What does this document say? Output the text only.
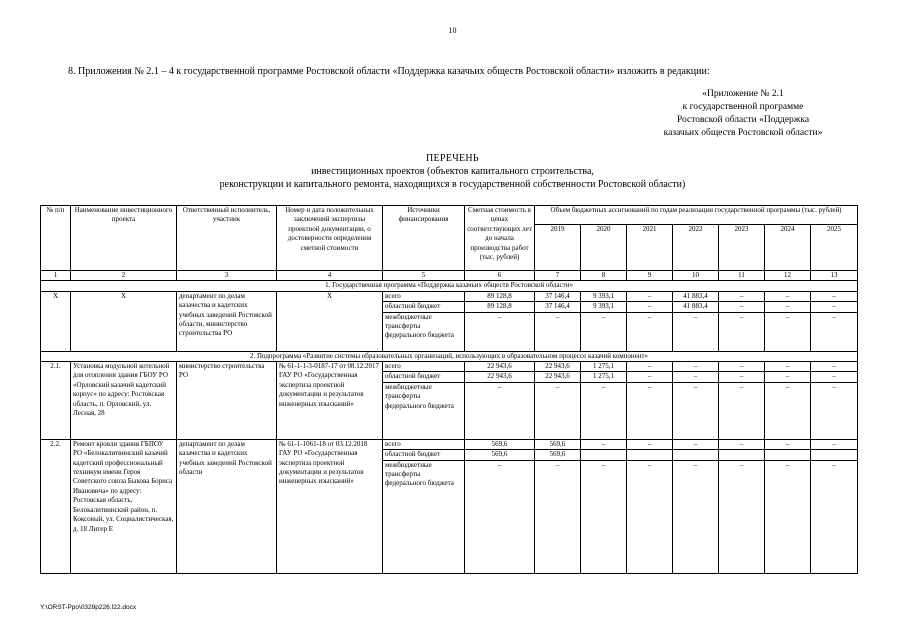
10
8. Приложения № 2.1 – 4 к государственной программе Ростовской области «Поддержка казачьих обществ Ростовской области» изложить в редакции:
«Приложение № 2.1
к государственной программе
Ростовской области «Поддержка
казачьих обществ Ростовской области»
ПЕРЕЧЕНЬ
инвестиционных проектов (объектов капитального строительства,
реконструкции и капитального ремонта, находящихся в государственной собственности Ростовской области)
№ п/п	Наименование инвестиционного проекта	Ответственный исполнитель, участник	Номер и дата положительных заключений экспертизы проектной документации, о достоверности определения сметной стоимости	Источники финансирования	Сметная стоимость в ценах соответствующих лет до начала производства работ (тыс. рублей)	Объем бюджетных ассигнований по годам реализации государственной программы (тыс. рублей)						
						2019	2020	2021	2022	2023	2024	2025
1	2	3	4	5	6	7	8	9	10	11	12	13
1. Государственная программа «Поддержка казачьих обществ Ростовской области»												
Х	Х	департамент по делам казачества и кадетских учебных заведений Ростовской области, министерство строительства РО	Х	всего	89 128,8	37 146,4	9 393,1	–	41 883,4	–	–	–
				областной бюджет	89 128,8	37 146,4	9 393,1	–	41 883,4	–	–	–
				межбюджетные трансферты федерального бюджета	–	–	–	–	–	–	–	–
2. Подпрограмма «Развитие системы образовательных организаций, использующих в образовательном процессе казачий компонент»												
2.1.	Установка модульной котельной для отопления здания ГБОУ РО «Орловский казачий кадетский корпус» по адресу: Ростовская область, п. Орловский, ул. Лесная, 28	министерство строительства РО	№ 61-1-1-3-0187-17 от 08.12.2017 ГАУ РО «Государственная экспертиза проектной документации и результатов инженерных изысканий»	всего	22 943,6	22 943,6	1 275,1	–	–	–	–	–
				областной бюджет	22 943,6	22 943,6	1 275,1	–	–	–	–	–
				межбюджетные трансферты федерального бюджета	–	–	–	–	–	–	–	–
2.2.	Ремонт кровли здания ГБПОУ РО «Белокалитвинский казачий кадетский профессиональный техникум имени Героя Советского союза Быкова Бориса Ивановича» по адресу: Ростовская область, Белокалитвинский район, п. Коксовый, ул. Социалистическая, д. 18 Литер Е	департамент по делам казачества и кадетских учебных заведений Ростовской области	№ 61-1-1061-18 от 03.12.2018 ГАУ РО «Государственная экспертиза проектной документации и результатов инженерных изысканий»	всего	569,6	569,6	–	–	–	–	–	–
				областной бюджет	569,6	569,6						
				межбюджетные трансферты федерального бюджета	–	–	–	–	–	–	–	–
Y:\ORST-Ppo\0328p226.f22.docx
